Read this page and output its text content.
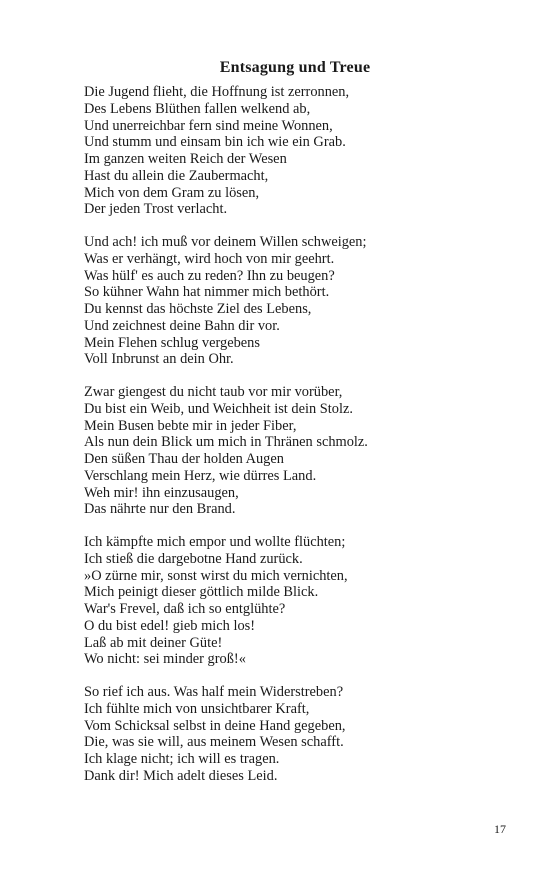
Entsagung und Treue
Die Jugend flieht, die Hoffnung ist zerronnen,
Des Lebens Blüthen fallen welkend ab,
Und unerreichbar fern sind meine Wonnen,
Und stumm und einsam bin ich wie ein Grab.
Im ganzen weiten Reich der Wesen
Hast du allein die Zaubermacht,
Mich von dem Gram zu lösen,
Der jeden Trost verlacht.
Und ach! ich muß vor deinem Willen schweigen;
Was er verhängt, wird hoch von mir geehrt.
Was hülf' es auch zu reden? Ihn zu beugen?
So kühner Wahn hat nimmer mich bethört.
Du kennst das höchste Ziel des Lebens,
Und zeichnest deine Bahn dir vor.
Mein Flehen schlug vergebens
Voll Inbrunst an dein Ohr.
Zwar giengest du nicht taub vor mir vorüber,
Du bist ein Weib, und Weichheit ist dein Stolz.
Mein Busen bebte mir in jeder Fiber,
Als nun dein Blick um mich in Thränen schmolz.
Den süßen Thau der holden Augen
Verschlang mein Herz, wie dürres Land.
Weh mir! ihn einzusaugen,
Das nährte nur den Brand.
Ich kämpfte mich empor und wollte flüchten;
Ich stieß die dargebotne Hand zurück.
»O zürne mir, sonst wirst du mich vernichten,
Mich peinigt dieser göttlich milde Blick.
War's Frevel, daß ich so entglühte?
O du bist edel! gieb mich los!
Laß ab mit deiner Güte!
Wo nicht: sei minder groß!«
So rief ich aus. Was half mein Widerstreben?
Ich fühlte mich von unsichtbarer Kraft,
Vom Schicksal selbst in deine Hand gegeben,
Die, was sie will, aus meinem Wesen schafft.
Ich klage nicht; ich will es tragen.
Dank dir! Mich adelt dieses Leid.
17
